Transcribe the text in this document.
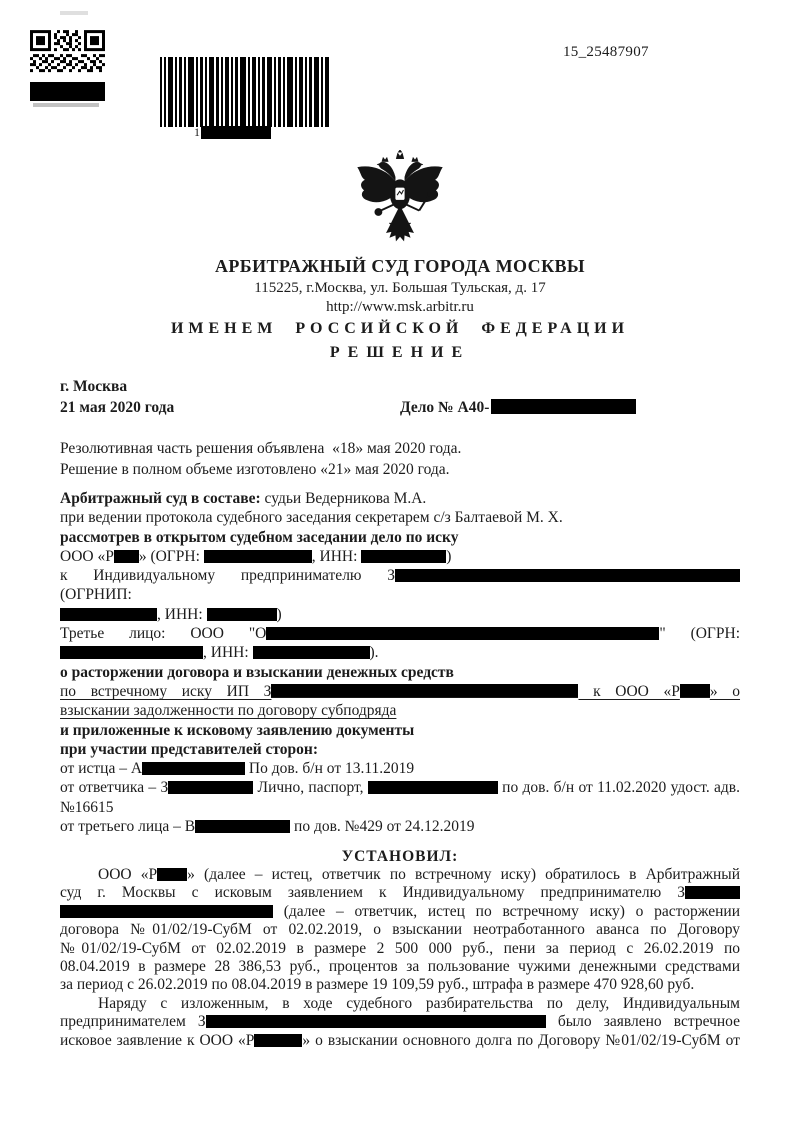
1
15_25487907
АРБИТРАЖНЫЙ СУД ГОРОДА МОСКВЫ
115225, г.Москва, ул. Большая Тульская, д. 17
http://www.msk.arbitr.ru
ИМЕНЕМ РОССИЙСКОЙ ФЕДЕРАЦИИ
РЕШЕНИЕ
г. Москва
21 мая 2020 года	Дело № А40-
Резолютивная часть решения объявлена  «18» мая 2020 года.
Решение в полном объеме изготовлено «21» мая 2020 года.
Арбитражный суд в составе: судьи Ведерникова М.А.
при ведении протокола судебного заседания секретарем с/з Балтаевой М. Х.
рассмотрев в открытом судебном заседании дело по иску
ООО «Р » (ОГРН:	, ИНН:	)
к Индивидуальному предпринимателю З (ОГРНИП:
, ИНН:	)
Третье лицо: ООО "О	" (ОГРН:
, ИНН:	).
о расторжении договора и взыскании денежных средств
по встречному иску ИП З	к ООО «Р » о
взыскании задолженности по договору субподряда
и приложенные к исковому заявлению документы
при участии представителей сторон:
от истца – А	По дов. б/н от 13.11.2019
от ответчика – З	Лично, паспорт,	по дов. б/н от 11.02.2020 удост. адв.
№16615
от третьего лица – В	по дов. №429 от 24.12.2019
УСТАНОВИЛ:
ООО «Р » (далее – истец, ответчик по встречному иску) обратилось в Арбитражный
суд г. Москвы с исковым заявлением к Индивидуальному предпринимателю З
(далее – ответчик, истец по встречному иску) о расторжении
договора №01/02/19-СубМ от 02.02.2019, о взыскании неотработанного аванса по Договору
№01/02/19-СубМ от 02.02.2019 в размере 2 500 000 руб., пени за период с 26.02.2019 по
08.04.2019 в размере 28 386,53 руб., процентов за пользование чужими денежными средствами
за период с 26.02.2019 по 08.04.2019 в размере 19 109,59 руб., штрафа в размере 470 928,60 руб.
Наряду с изложенным, в ходе судебного разбирательства по делу, Индивидуальным
предпринимателем З	было заявлено встречное
исковое заявление к ООО «Р	» о взыскании основного долга по Договору №01/02/19-СубМ от
